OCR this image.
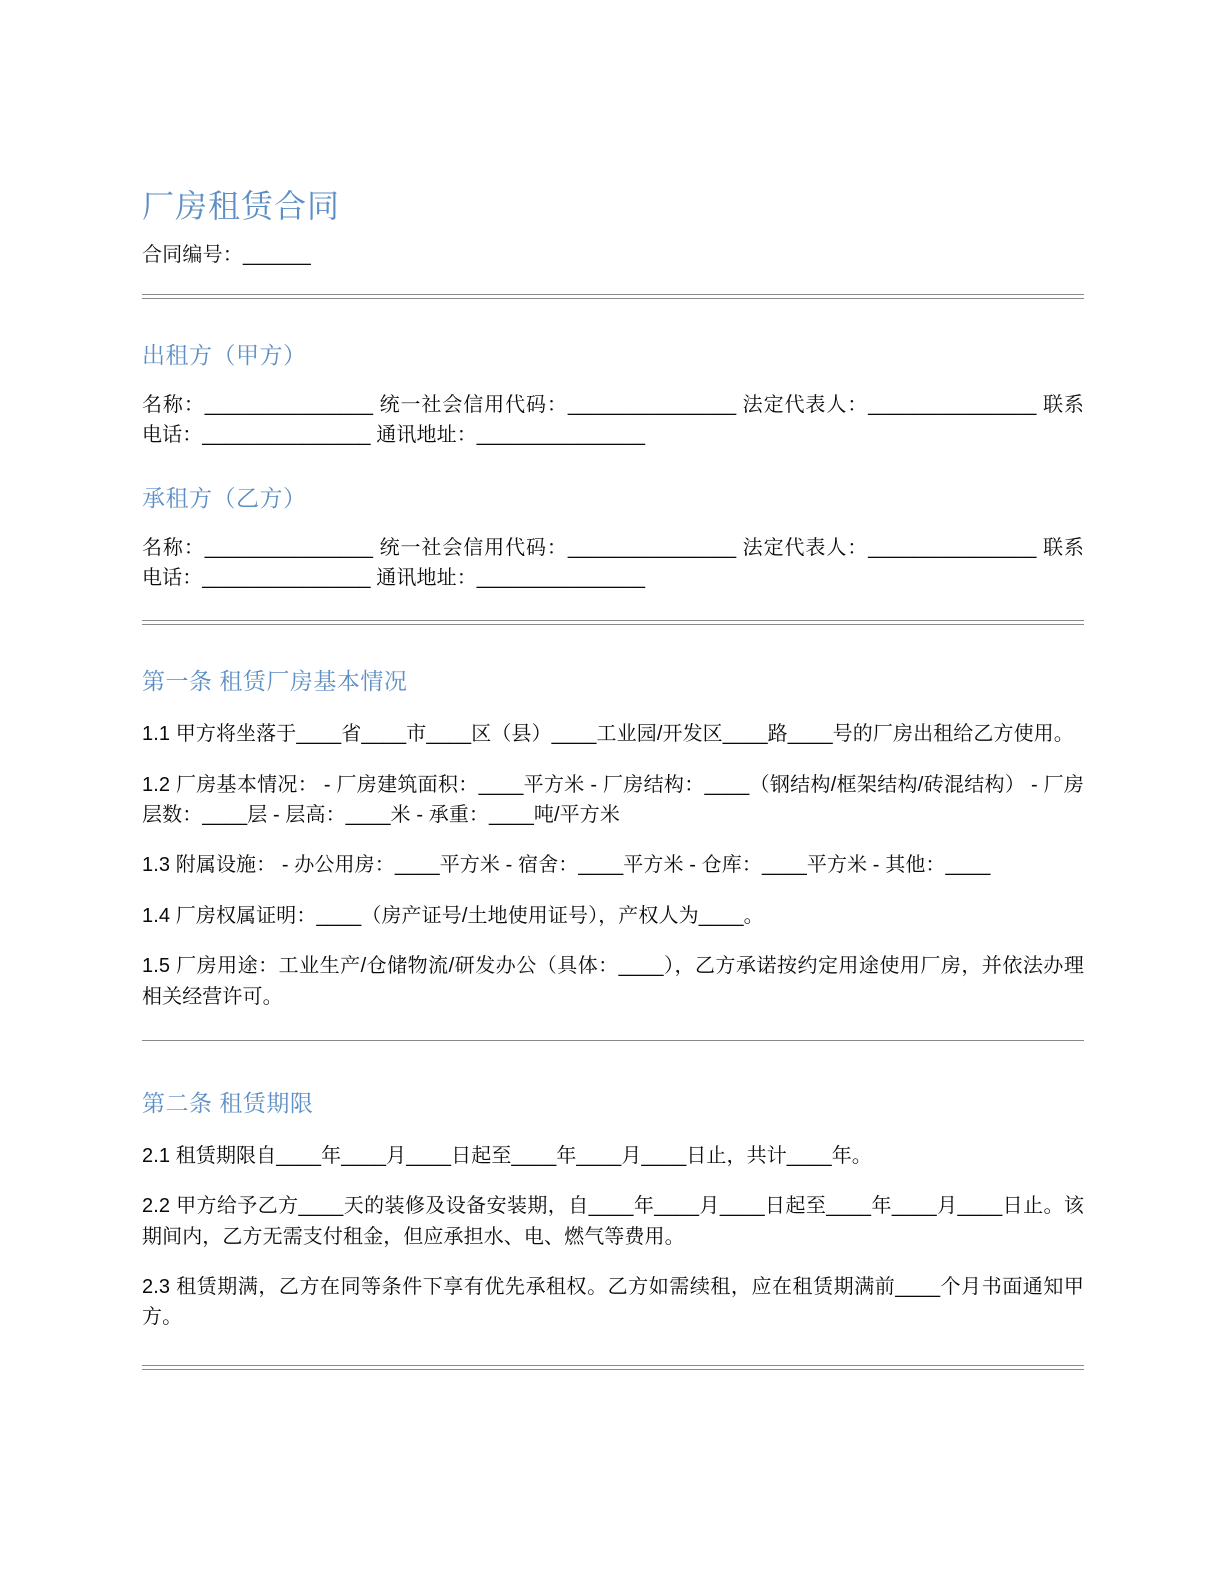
厂房租赁合同

合同编号：______

出租方（甲方）

名称：_______________ 统一社会信用代码：_______________ 法定代表人：_______________ 联系电话：_______________ 通讯地址：_______________

承租方（乙方）

名称：_______________ 统一社会信用代码：_______________ 法定代表人：_______________ 联系电话：_______________ 通讯地址：_______________

第一条 租赁厂房基本情况

1.1 甲方将坐落于____省____市____区（县）____工业园/开发区____路____号的厂房出租给乙方使用。

1.2 厂房基本情况： - 厂房建筑面积：____平方米 - 厂房结构：____（钢结构/框架结构/砖混结构） - 厂房层数：____层 - 层高：____米 - 承重：____吨/平方米

1.3 附属设施： - 办公用房：____平方米 - 宿舍：____平方米 - 仓库：____平方米 - 其他：____

1.4 厂房权属证明：____（房产证号/土地使用证号），产权人为____。

1.5 厂房用途：工业生产/仓储物流/研发办公（具体：____），乙方承诺按约定用途使用厂房，并依法办理相关经营许可。

第二条 租赁期限

2.1 租赁期限自____年____月____日起至____年____月____日止，共计____年。

2.2 甲方给予乙方____天的装修及设备安装期，自____年____月____日起至____年____月____日止。该期间内，乙方无需支付租金，但应承担水、电、燃气等费用。

2.3 租赁期满，乙方在同等条件下享有优先承租权。乙方如需续租，应在租赁期满前____个月书面通知甲方。
